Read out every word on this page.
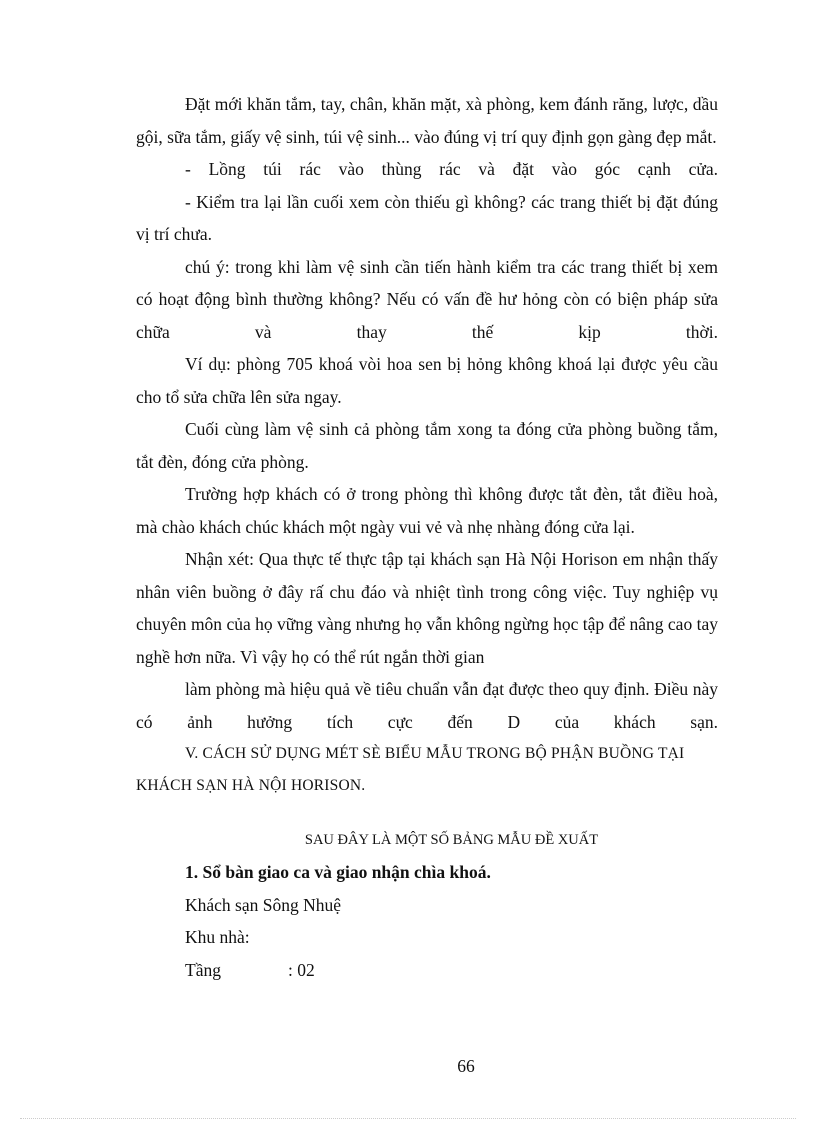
Đặt mới khăn tắm, tay, chân, khăn mặt, xà phòng, kem đánh răng, lược, dầu gội, sữa tắm, giấy vệ sinh, túi vệ sinh... vào đúng vị trí quy định gọn gàng đẹp mắt.

- Lồng túi rác vào thùng rác và đặt vào góc cạnh cửa.

- Kiểm tra lại lần cuối xem còn thiếu gì không? các trang thiết bị đặt đúng vị trí chưa.

chú ý: trong khi làm vệ sinh cần tiến hành kiểm tra các trang thiết bị xem có hoạt động bình thường không? Nếu có vấn đề hư hỏng còn có biện pháp sửa chữa và thay thế kịp thời.

Ví dụ: phòng 705 khoá vòi hoa sen bị hỏng không khoá lại được yêu cầu cho tổ sửa chữa lên sửa ngay.

Cuối cùng làm vệ sinh cả phòng tắm xong ta đóng cửa phòng buồng tắm, tắt đèn, đóng cửa phòng.

Trường hợp khách có ở trong phòng thì không được tắt đèn, tắt điều hoà, mà chào khách chúc khách một ngày vui vẻ và nhẹ nhàng đóng cửa lại.

Nhận xét: Qua thực tế thực tập tại khách sạn Hà Nội Horison em nhận thấy nhân viên buồng ở đây rấ chu đáo và nhiệt tình trong công việc. Tuy nghiệp vụ chuyên môn của họ vững vàng nhưng họ vẫn không ngừng học tập để nâng cao tay nghề hơn nữa. Vì vậy họ có thể rút ngắn thời gian

làm phòng mà hiệu quả về tiêu chuẩn vẫn đạt được theo quy định. Điều này có ảnh hưởng tích cực đến D của khách sạn.

V. CÁCH SỬ DỤNG MÉT SÈ BIỂU MẪU TRONG BỘ PHẬN BUỒNG TẠI KHÁCH SẠN HÀ NỘI HORISON.

SAU ĐÂY LÀ MỘT SỐ BẢNG MẪU ĐỀ XUẤT

1. Sổ bàn giao ca và giao nhận chìa khoá.

Khách sạn Sông Nhuệ

Khu nhà:

Tầng	: 02

66
